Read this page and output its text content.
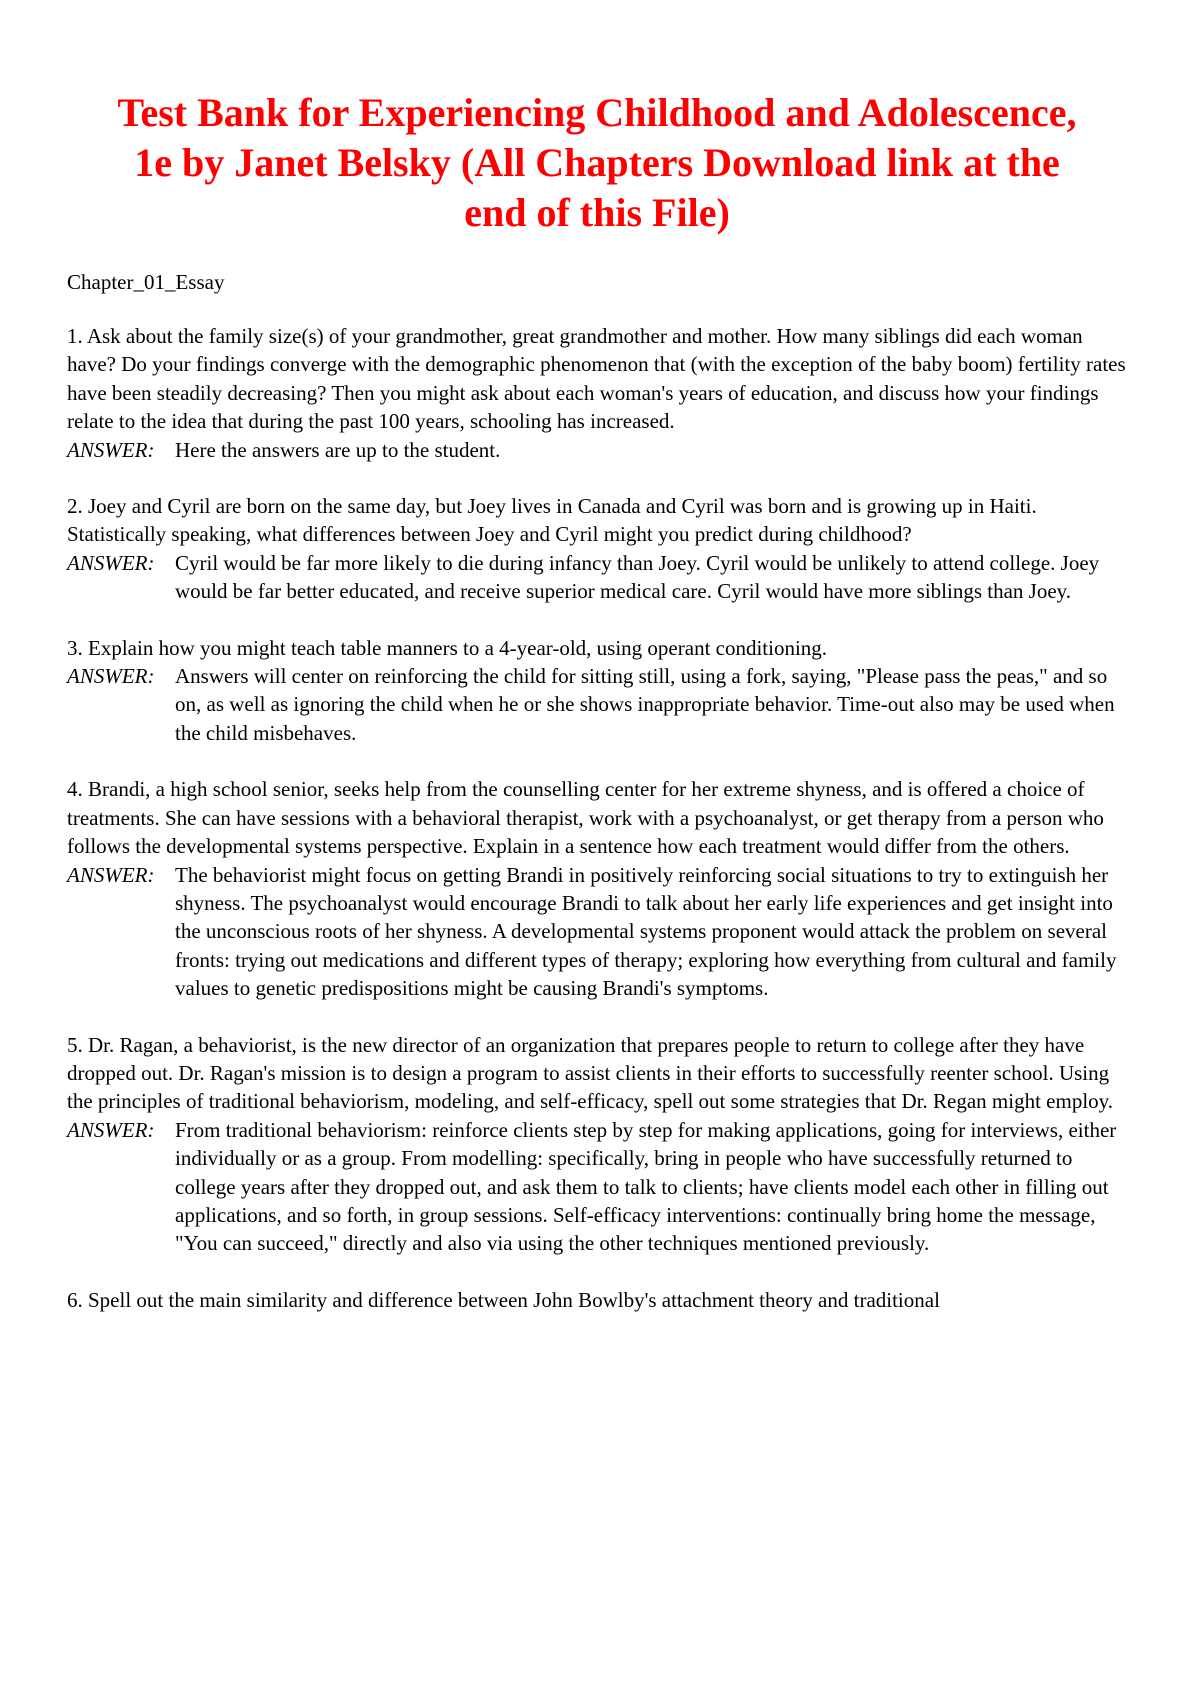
Test Bank for Experiencing Childhood and Adolescence,
1e by Janet Belsky (All Chapters Download link at the
end of this File)
Chapter_01_Essay

1. Ask about the family size(s) of your grandmother, great grandmother and mother. How many siblings did each woman have? Do your findings converge with the demographic phenomenon that (with the exception of the baby boom) fertility rates have been steadily decreasing? Then you might ask about each woman's years of education, and discuss how your findings relate to the idea that during the past 100 years, schooling has increased.

ANSWER: Here the answers are up to the student.

2. Joey and Cyril are born on the same day, but Joey lives in Canada and Cyril was born and is growing up in Haiti. Statistically speaking, what differences between Joey and Cyril might you predict during childhood?

ANSWER: Cyril would be far more likely to die during infancy than Joey. Cyril would be unlikely to attend college. Joey would be far better educated, and receive superior medical care. Cyril would have more siblings than Joey.

3. Explain how you might teach table manners to a 4-year-old, using operant conditioning.

ANSWER: Answers will center on reinforcing the child for sitting still, using a fork, saying, "Please pass the peas," and so on, as well as ignoring the child when he or she shows inappropriate behavior. Time-out also may be used when the child misbehaves.

4. Brandi, a high school senior, seeks help from the counselling center for her extreme shyness, and is offered a choice of treatments. She can have sessions with a behavioral therapist, work with a psychoanalyst, or get therapy from a person who follows the developmental systems perspective. Explain in a sentence how each treatment would differ from the others.

ANSWER: The behaviorist might focus on getting Brandi in positively reinforcing social situations to try to extinguish her shyness. The psychoanalyst would encourage Brandi to talk about her early life experiences and get insight into the unconscious roots of her shyness. A developmental systems proponent would attack the problem on several fronts: trying out medications and different types of therapy; exploring how everything from cultural and family values to genetic predispositions might be causing Brandi's symptoms.

5. Dr. Ragan, a behaviorist, is the new director of an organization that prepares people to return to college after they have dropped out. Dr. Ragan's mission is to design a program to assist clients in their efforts to successfully reenter school. Using the principles of traditional behaviorism, modeling, and self-efficacy, spell out some strategies that Dr. Regan might employ.

ANSWER: From traditional behaviorism: reinforce clients step by step for making applications, going for interviews, either individually or as a group. From modelling: specifically, bring in people who have successfully returned to college years after they dropped out, and ask them to talk to clients; have clients model each other in filling out applications, and so forth, in group sessions. Self-efficacy interventions: continually bring home the message, "You can succeed," directly and also via using the other techniques mentioned previously.

6. Spell out the main similarity and difference between John Bowlby's attachment theory and traditional
